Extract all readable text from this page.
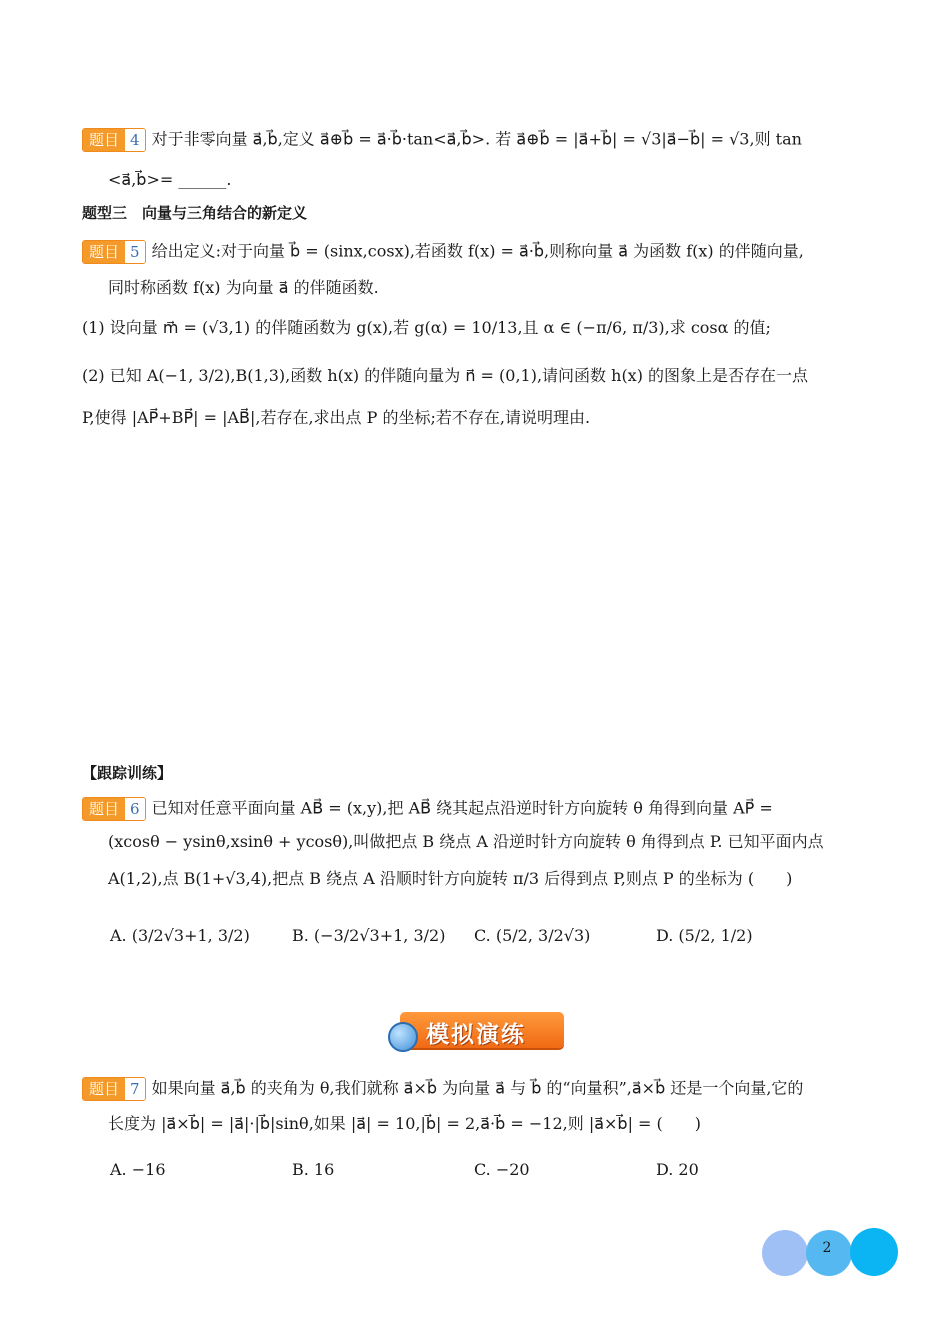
题目 4 对于非零向量 a⃗,b⃗,定义 a⃗⊕b⃗ = a⃗·b⃗·tan<a⃗,b⃗>. 若 a⃗⊕b⃗ = |a⃗+b⃗| = √3|a⃗−b⃗| = √3,则 tan
<a⃗,b⃗>= ______.
题型三　向量与三角结合的新定义
题目 5 给出定义:对于向量 b⃗ = (sinx,cosx),若函数 f(x) = a⃗·b⃗,则称向量 a⃗ 为函数 f(x) 的伴随向量,
同时称函数 f(x) 为向量 a⃗ 的伴随函数.
(1) 设向量 m⃗ = (√3,1) 的伴随函数为 g(x),若 g(α) = 10/13,且 α ∈ (−π/6, π/3),求 cosα 的值;
(2) 已知 A(−1, 3/2),B(1,3),函数 h(x) 的伴随向量为 n⃗ = (0,1),请问函数 h(x) 的图象上是否存在一点
P,使得 |AP⃗+BP⃗| = |AB⃗|,若存在,求出点 P 的坐标;若不存在,请说明理由.
【跟踪训练】
题目 6 已知对任意平面向量 AB⃗ = (x,y),把 AB⃗ 绕其起点沿逆时针方向旋转 θ 角得到向量 AP⃗ =
(xcosθ − ysinθ,xsinθ + ycosθ),叫做把点 B 绕点 A 沿逆时针方向旋转 θ 角得到点 P. 已知平面内点
A(1,2),点 B(1+√3,4),把点 B 绕点 A 沿顺时针方向旋转 π/3 后得到点 P,则点 P 的坐标为 (　　)
A. (3/2√3+1, 3/2)	B. (−3/2√3+1, 3/2) C. (5/2, 3/2√3)	D. (5/2, 1/2)
模拟演练
题目 7 如果向量 a⃗,b⃗ 的夹角为 θ,我们就称 a⃗×b⃗ 为向量 a⃗ 与 b⃗ 的“向量积”,a⃗×b⃗ 还是一个向量,它的
长度为 |a⃗×b⃗| = |a⃗|·|b⃗|sinθ,如果 |a⃗| = 10,|b⃗| = 2,a⃗·b⃗ = −12,则 |a⃗×b⃗| = (　　)
A. −16	B. 16	C. −20	D. 20
2
